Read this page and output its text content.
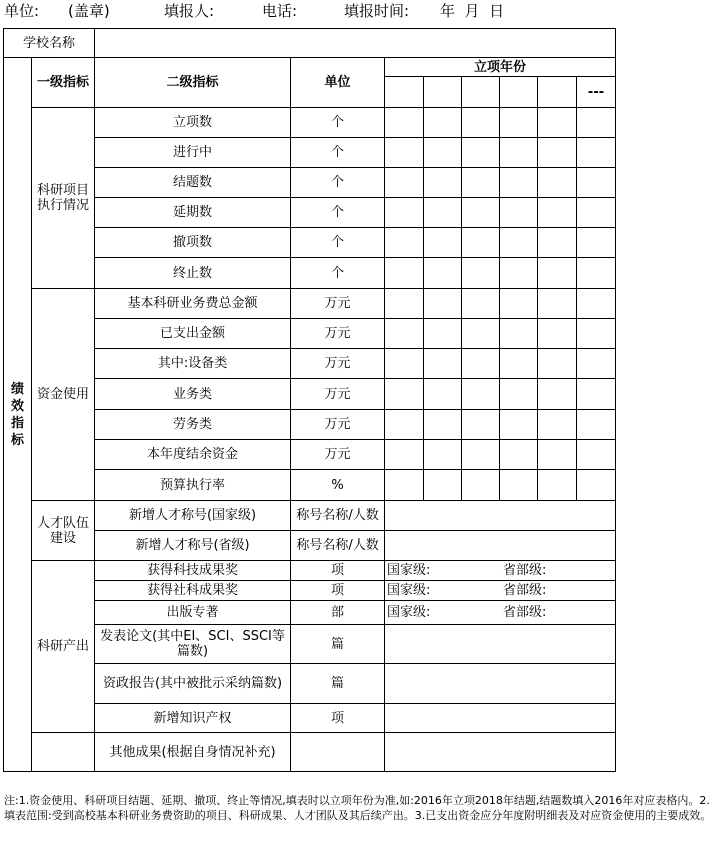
单位: (盖章)	填报人:	电话:	填报时间: 年  月  日
学校名称									

绩
效
指
标	一级指标	二级指标	单位	立项年份					
									---
	科研项目执行情况	立项数	个						
		进行中	个						
		结题数	个						
		延期数	个						
		撤项数	个						
		终止数	个						
	资金使用	基本科研业务费总金额	万元						
		已支出金额	万元						
		其中:设备类	万元						
		业务类	万元						
		劳务类	万元						
		本年度结余资金	万元						
		预算执行率	%						
	人才队伍建设	新增人才称号(国家级)	称号名称/人数						
		新增人才称号(省级)	称号名称/人数						
	科研产出	获得科技成果奖	项	国家级: 省部级:					

		获得社科成果奖	项	国家级: 省部级:					

		出版专著	部	国家级: 省部级:					

		发表论文(其中EI、SCI、SSCI等篇数)	篇						
		资政报告(其中被批示采纳篇数)	篇						
		新增知识产权	项						
		其他成果(根据自身情况补充)							
注:1.资金使用、科研项目结题、延期、撤项、终止等情况,填表时以立项年份为准,如:2016年立项2018年结题,结题数填入2016年对应表格内。2.填表范围:受到高校基本科研业务费资助的项目、科研成果、人才团队及其后续产出。3.已支出资金应分年度附明细表及对应资金使用的主要成效。
